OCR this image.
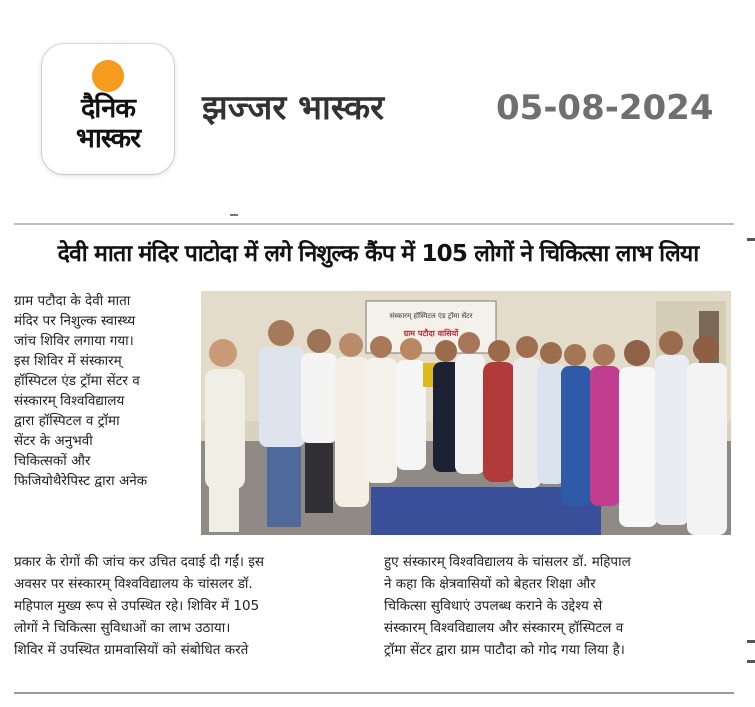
दैनिक
भास्कर
झज्जर भास्कर	05-08-2024
देवी माता मंदिर पाटोदा में लगे निशुल्क कैंप में 105 लोगों ने चिकित्सा लाभ लिया

ग्राम पटौदा के देवी माता

मंदिर पर निशुल्क स्वास्थ्य

जांच शिविर लगाया गया।

इस शिविर में संस्कारम्

हॉस्पिटल एंड ट्रॉमा सेंटर व

संस्कारम् विश्वविद्यालय

द्वारा हॉस्पिटल व ट्रॉमा

सेंटर के अनुभवी

चिकित्सकों और

फिजियोथैरेपिस्ट द्वारा अनेक

संस्कारम् हॉस्पिटल एंड ट्रॉमा सेंटर
ग्राम पटौदा वासियों

प्रकार के रोगों की जांच कर उचित दवाई दी गईं। इस

अवसर पर संस्कारम् विश्वविद्यालय के चांसलर डॉ.

महिपाल मुख्य रूप से उपस्थित रहे। शिविर में 105

लोगों ने चिकित्सा सुविधाओं का लाभ उठाया।

शिविर में उपस्थित ग्रामवासियों को संबोधित करते

हुए संस्कारम् विश्वविद्यालय के चांसलर डॉ. महिपाल

ने कहा कि क्षेत्रवासियों को बेहतर शिक्षा और

चिकित्सा सुविधाएं उपलब्ध कराने के उद्देश्य से

संस्कारम् विश्वविद्यालय और संस्कारम् हॉस्पिटल व

ट्रॉमा सेंटर द्वारा ग्राम पाटौदा को गोद गया लिया है।
